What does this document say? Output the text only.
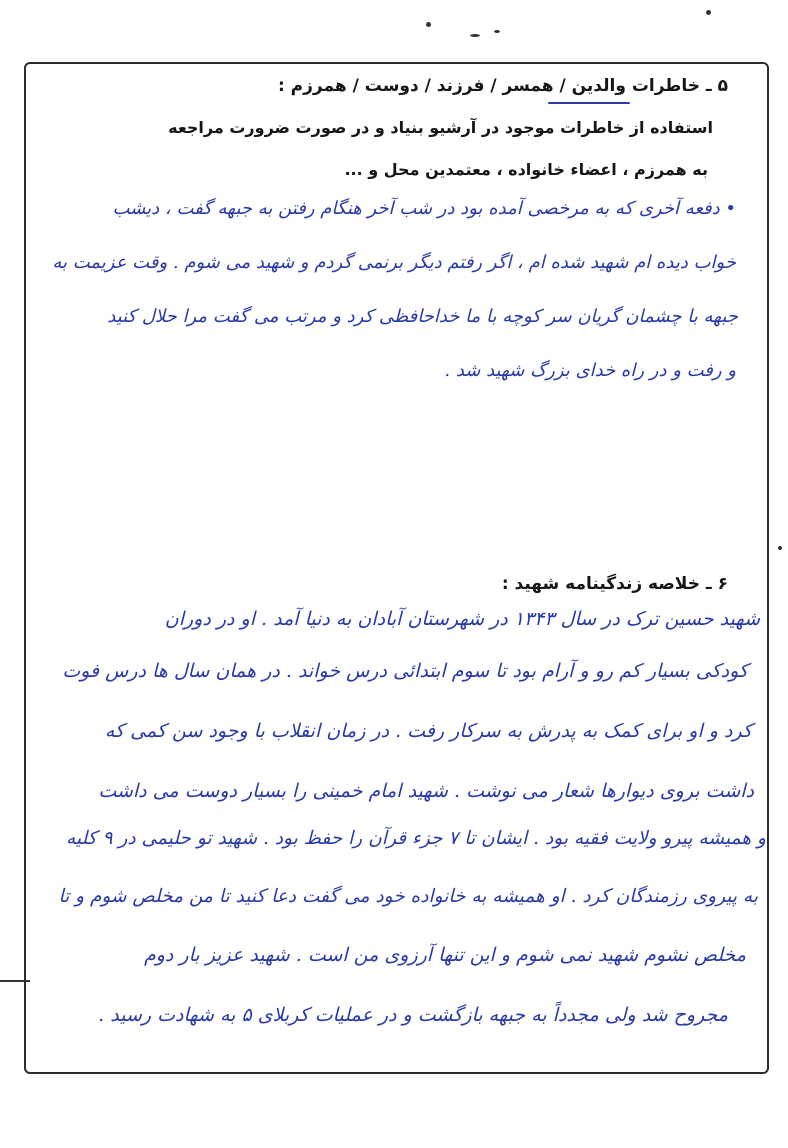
۵ ـ خاطرات والدین / همسر / فرزند / دوست / همرزم :
استفاده از خاطرات موجود در آرشیو بنیاد و در صورت ضرورت مراجعه
به همرزم ، اعضاء خانواده ، معتمدین محل و ...
• دفعه آخری که به مرخصی آمده بود در شب آخر هنگام رفتن به جبهه گفت ، دیشب
خواب دیده ام شهید شده ام ، اگر رفتم دیگر برنمی گردم و شهید می شوم . وقت عزیمت به
جبهه با چشمان گریان سر کوچه با ما خداحافظی کرد و مرتب می گفت مرا حلال کنید
و رفت و در راه خدای بزرگ شهید شد .
۶ ـ خلاصه زندگینامه شهید :
شهید حسین ترک در سال ۱۳۴۳ در شهرستان آبادان به دنیا آمد . او در دوران
کودکی بسیار کم رو و آرام بود تا سوم ابتدائی درس خواند . در همان سال ها درس فوت
کرد و او برای کمک به پدرش به سرکار رفت . در زمان انقلاب با وجود سن کمی که
داشت بروی دیوارها شعار می نوشت . شهید امام خمینی را بسیار دوست می داشت
و همیشه پیرو ولایت فقیه بود . ایشان تا ۷ جزء قرآن را حفظ بود . شهید تو حلیمی در ۹ کلیه
به پیروی رزمندگان کرد . او همیشه به خانواده خود می گفت دعا کنید تا من مخلص شوم و تا
مخلص نشوم شهید نمی شوم و این تنها آرزوی من است . شهید عزیز بار دوم
مجروح شد ولی مجدداً به جبهه بازگشت و در عملیات کربلای ۵ به شهادت رسید .
